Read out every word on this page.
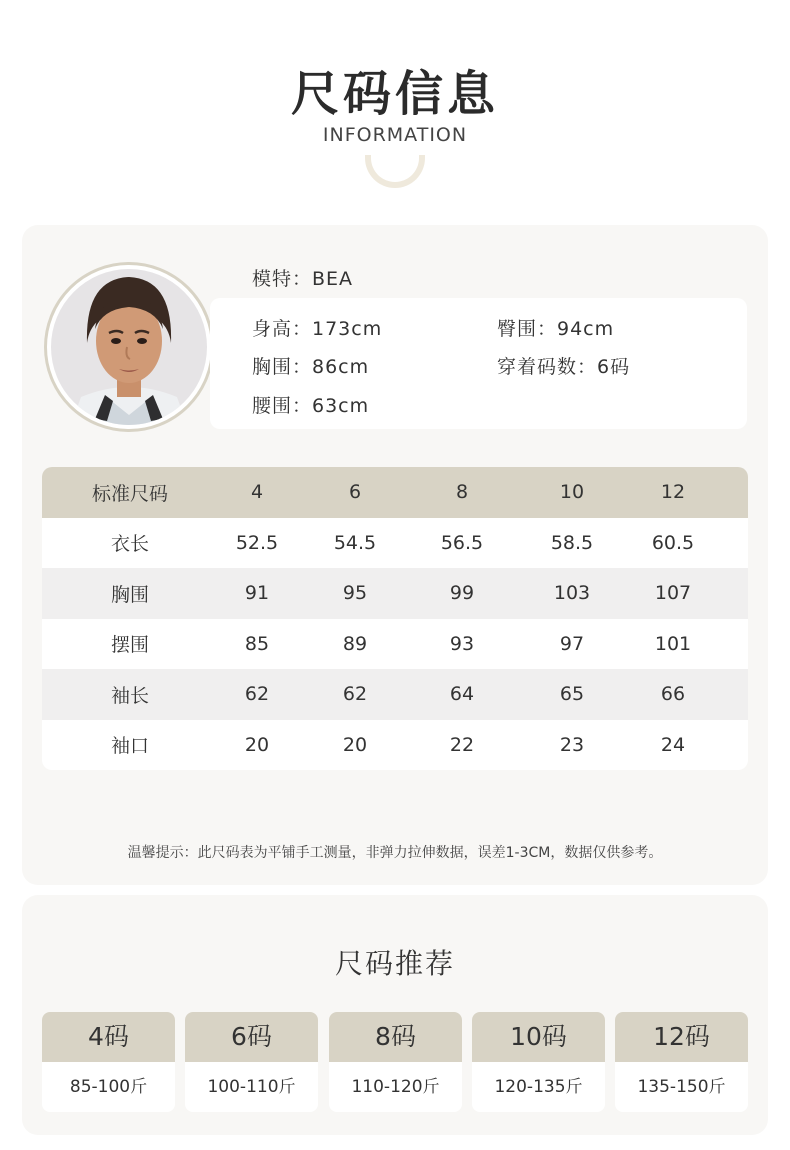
尺码信息
INFORMATION
模特：BEA
身高：173cm
胸围：86cm
腰围：63cm
臀围：94cm
穿着码数：6码
标准尺码	4	6	8	10	12
衣长	52.5	54.5	56.5	58.5	60.5
胸围	91	95	99	103	107
摆围	85	89	93	97	101
袖长	62	62	64	65	66
袖口	20	20	22	23	24
温馨提示：此尺码表为平铺手工测量，非弹力拉伸数据，误差1-3CM，数据仅供参考。
尺码推荐
4码
85-100斤
6码
100-110斤
8码
110-120斤
10码
120-135斤
12码
135-150斤
